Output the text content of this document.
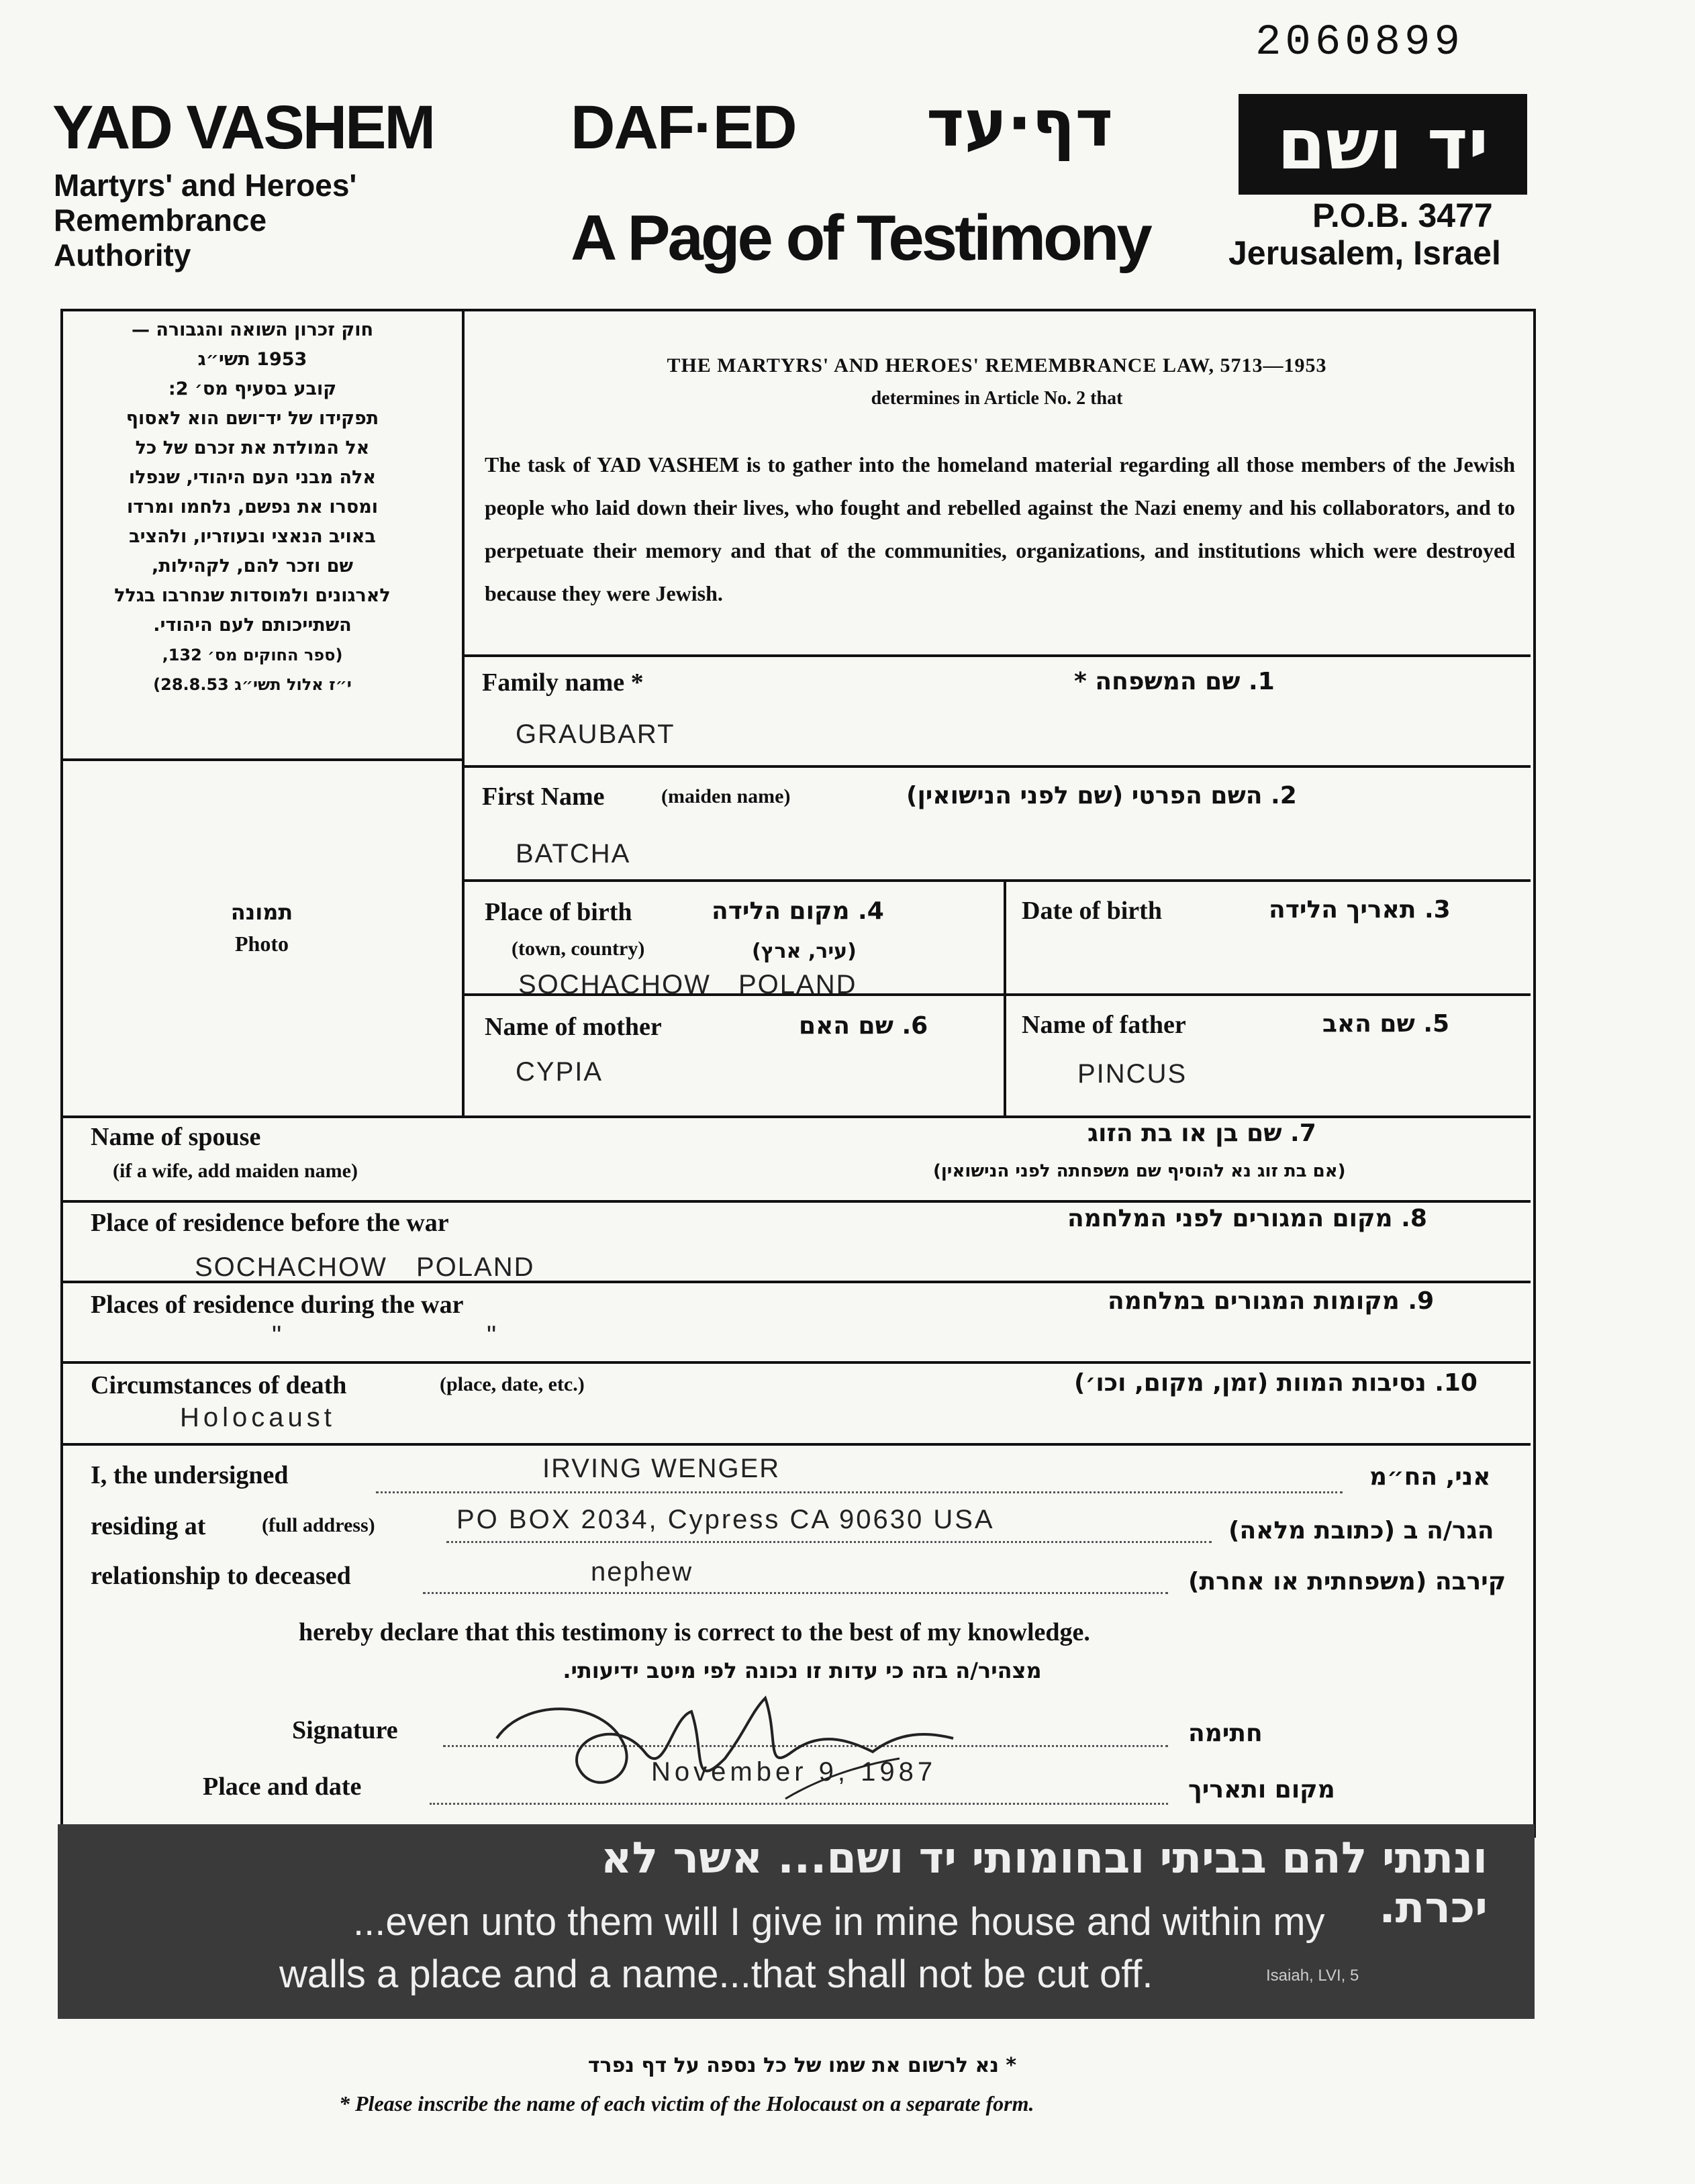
2060899
YAD VASHEM
Martyrs' and Heroes'
Remembrance
Authority
DAF·ED דף·עד
A Page of Testimony
יד ושם
P.O.B. 3477
Jerusalem, Israel
חוק זכרון השואה והגבורה —
1953 תשי״ג
קובע בסעיף מס׳ 2:
תפקידו של יד־ושם הוא לאסוף
אל המולדת את זכרם של כל
אלה מבני העם היהודי, שנפלו
ומסרו את נפשם, נלחמו ומרדו
באויב הנאצי ובעוזריו, ולהציב
שם וזכר להם, לקהילות,
לארגונים ולמוסדות שנחרבו בגלל
השתייכותם לעם היהודי.
(ספר החוקים מס׳ 132,
י״ז אלול תשי״ג 28.8.53)
תמונה
Photo
THE MARTYRS' AND HEROES' REMEMBRANCE LAW, 5713—1953
determines in Article No. 2 that
The task of YAD VASHEM is to gather into the homeland material regarding all those members of the Jewish people who laid down their lives, who fought and rebelled against the Nazi enemy and his collaborators, and to perpetuate their memory and that of the communities, organizations, and institutions which were destroyed because they were Jewish.
Family name *	1. שם המשפחה *
GRAUBART
First Name	(maiden name)	2. השם הפרטי (שם לפני הנישואין)
BATCHA
Place of birth
(town, country)
4. מקום הלידה
(עיר, ארץ)
SOCHACHOW POLAND
Date of birth	3. תאריך הלידה
Name of mother	6. שם האם
CYPIA
Name of father	5. שם האב
PINCUS
Name of spouse
(if a wife, add maiden name)
7. שם בן או בת הזוג
(אם בת זוג נא להוסיף שם משפחתה לפני הנישואין)
Place of residence before the war	8. מקום המגורים לפני המלחמה
SOCHACHOW POLAND
Places of residence during the war	9. מקומות המגורים במלחמה
"	"
Circumstances of death	(place, date, etc.)	10. נסיבות המוות (זמן, מקום, וכו׳)
Holocaust
I, the undersigned	IRVING WENGER	אני, הח״מ
residing at	(full address)	PO BOX 2034, Cypress CA 90630 USA	הגר/ה ב (כתובת מלאה)
relationship to deceased	nephew	קירבה (משפחתית או אחרת)
hereby declare that this testimony is correct to the best of my knowledge.
מצהיר/ה בזה כי עדות זו נכונה לפי מיטב ידיעותי.
Signature	חתימה
Place and date	November 9, 1987
מקום ותאריך
ונתתי להם בביתי ובחומותי יד ושם... אשר לא יכרת.
...even unto them will I give in mine house and within my
walls a place and a name...that shall not be cut off.	Isaiah, LVI, 5
* נא לרשום את שמו של כל נספה על דף נפרד
* Please inscribe the name of each victim of the Holocaust on a separate form.
